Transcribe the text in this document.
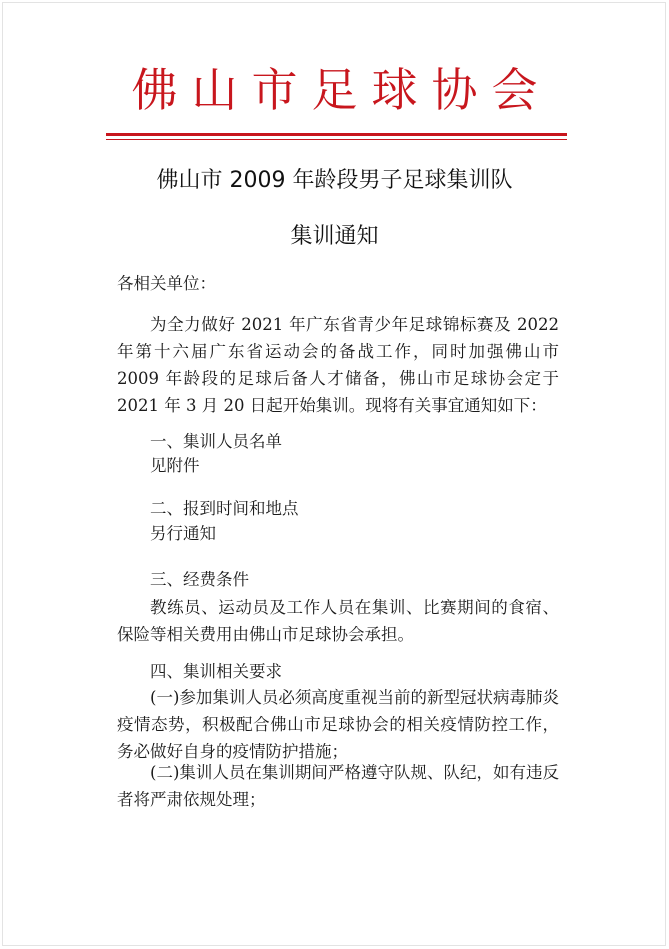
佛山市足球协会
佛山市 2009 年龄段男子足球集训队
集训通知

各相关单位：

为全力做好 2021 年广东省青少年足球锦标赛及 2022 年第十六届广东省运动会的备战工作，同时加强佛山市 2009 年龄段的足球后备人才储备，佛山市足球协会定于 2021 年 3 月 20 日起开始集训。现将有关事宜通知如下：

一、集训人员名单

见附件

二、报到时间和地点

另行通知

三、经费条件

教练员、运动员及工作人员在集训、比赛期间的食宿、保险等相关费用由佛山市足球协会承担。

四、集训相关要求

(一)参加集训人员必须高度重视当前的新型冠状病毒肺炎疫情态势，积极配合佛山市足球协会的相关疫情防控工作，务必做好自身的疫情防护措施；

(二)集训人员在集训期间严格遵守队规、队纪，如有违反者将严肃依规处理；
